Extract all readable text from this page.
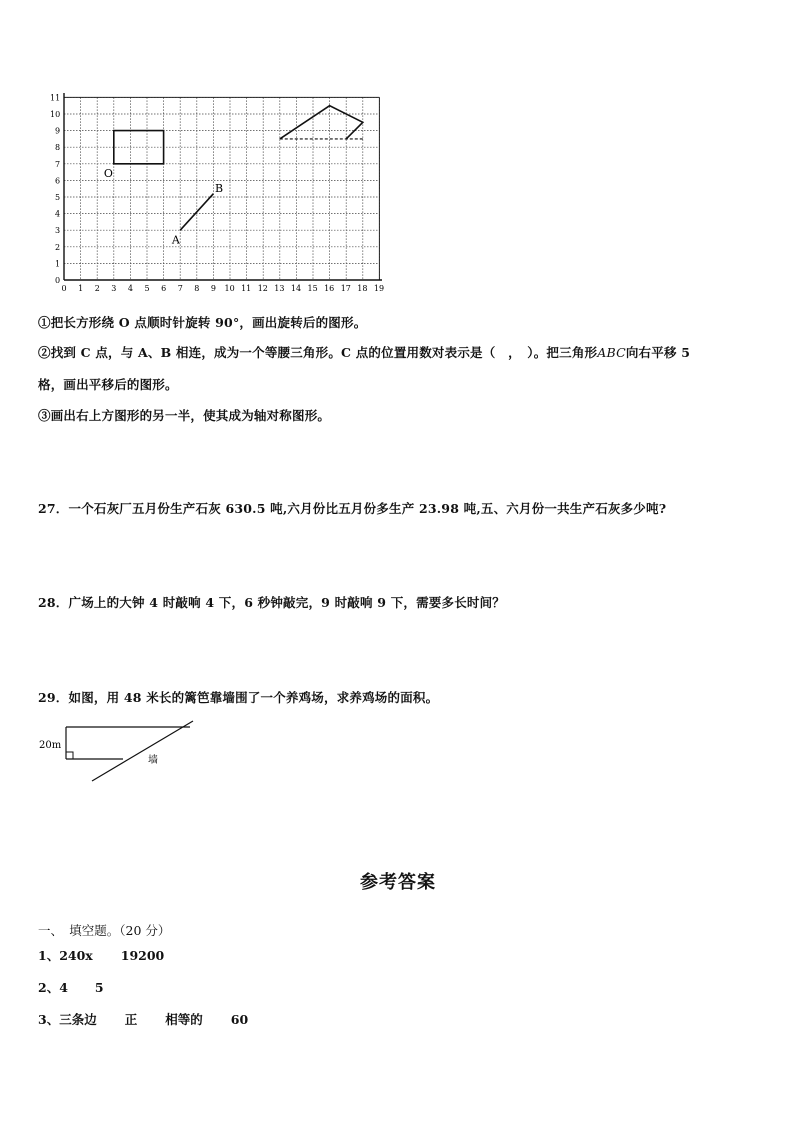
0 1 2 3 4 5 6 7 8 9 10 11 12 13 14 15 16 17 18 19
0
1
2
3
4
5
6
7
8
9
10
11
O
A
B
①把长方形绕 O 点顺时针旋转 90°，画出旋转后的图形。
②找到 C 点，与 A、B 相连，成为一个等腰三角形。C 点的位置用数对表示是（　，　）。把三角形ABC向右平移 5
格，画出平移后的图形。
③画出右上方图形的另一半，使其成为轴对称图形。
27．一个石灰厂五月份生产石灰 630.5 吨,六月份比五月份多生产 23.98 吨,五、六月份一共生产石灰多少吨?
28．广场上的大钟 4 时敲响 4 下，6 秒钟敲完，9 时敲响 9 下，需要多长时间？
29．如图，用 48 米长的篱笆靠墙围了一个养鸡场，求养鸡场的面积。
20m
墙
参考答案
一、　填空题。（20 分）
1、240x 19200
2、4 5
3、三条边 正 相等的 60
